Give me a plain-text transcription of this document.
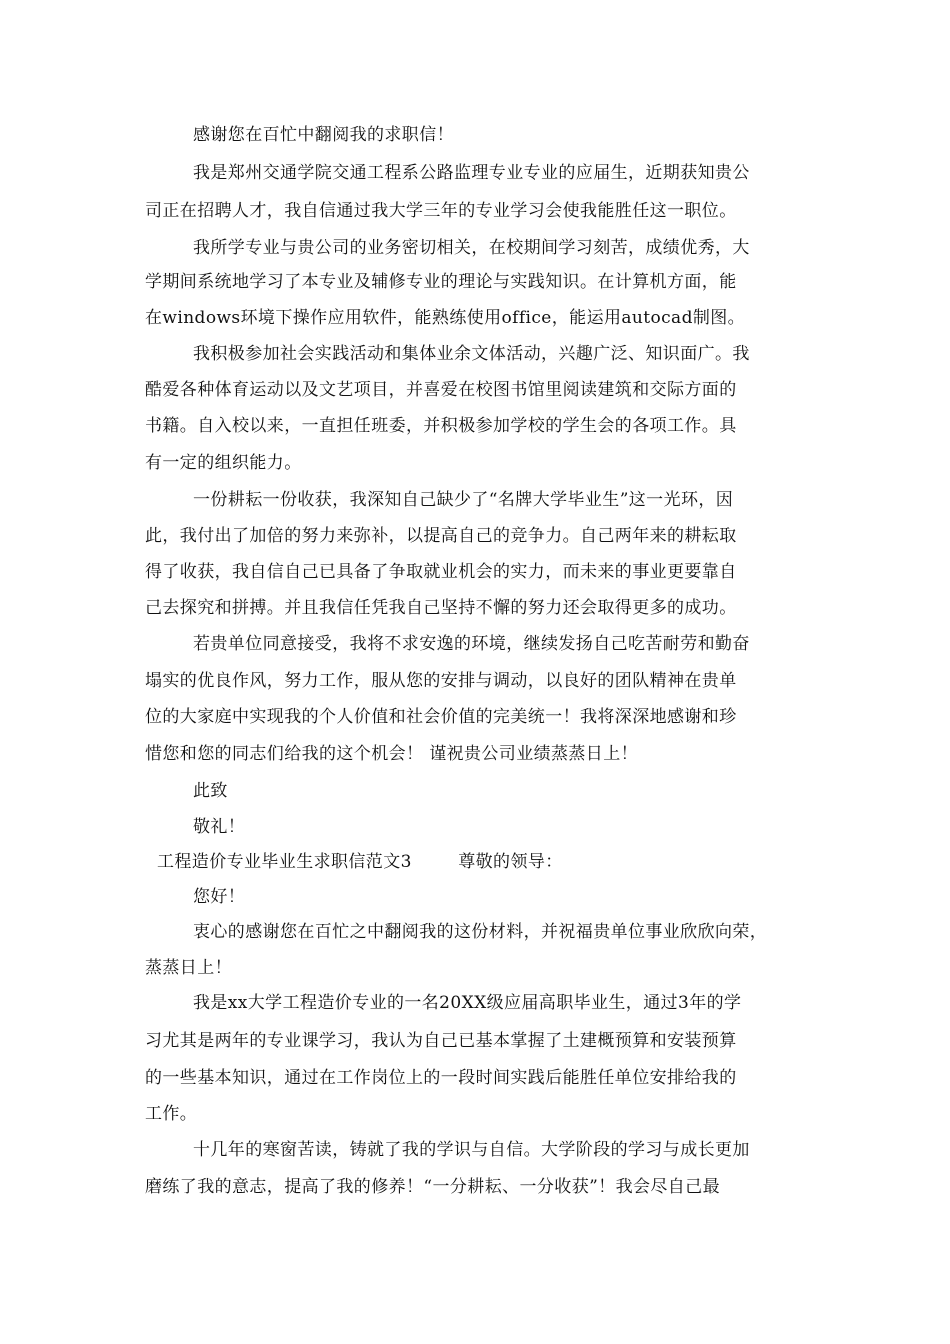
感谢您在百忙中翻阅我的求职信！
我是郑州交通学院交通工程系公路监理专业专业的应届生，近期获知贵公
司正在招聘人才，我自信通过我大学三年的专业学习会使我能胜任这一职位。
我所学专业与贵公司的业务密切相关，在校期间学习刻苦，成绩优秀，大
学期间系统地学习了本专业及辅修专业的理论与实践知识。在计算机方面，能
在windows环境下操作应用软件，能熟练使用office，能运用autocad制图。
我积极参加社会实践活动和集体业余文体活动，兴趣广泛、知识面广。我
酷爱各种体育运动以及文艺项目，并喜爱在校图书馆里阅读建筑和交际方面的
书籍。自入校以来，一直担任班委，并积极参加学校的学生会的各项工作。具
有一定的组织能力。
一份耕耘一份收获，我深知自己缺少了“名牌大学毕业生”这一光环，因
此，我付出了加倍的努力来弥补，以提高自己的竞争力。自己两年来的耕耘取
得了收获，我自信自己已具备了争取就业机会的实力，而未来的事业更要靠自
己去探究和拼搏。并且我信任凭我自己坚持不懈的努力还会取得更多的成功。
若贵单位同意接受，我将不求安逸的环境，继续发扬自己吃苦耐劳和勤奋
塌实的优良作风，努力工作，服从您的安排与调动，以良好的团队精神在贵单
位的大家庭中实现我的个人价值和社会价值的完美统一！我将深深地感谢和珍
惜您和您的同志们给我的这个机会！ 谨祝贵公司业绩蒸蒸日上！
此致
敬礼！
工程造价专业毕业生求职信范文3        尊敬的领导：
您好！
衷心的感谢您在百忙之中翻阅我的这份材料，并祝福贵单位事业欣欣向荣，
蒸蒸日上！
我是xx大学工程造价专业的一名20XX级应届高职毕业生，通过3年的学
习尤其是两年的专业课学习，我认为自己已基本掌握了土建概预算和安装预算
的一些基本知识，通过在工作岗位上的一段时间实践后能胜任单位安排给我的
工作。
十几年的寒窗苦读，铸就了我的学识与自信。大学阶段的学习与成长更加
磨练了我的意志，提高了我的修养！“一分耕耘、一分收获”！我会尽自己最
